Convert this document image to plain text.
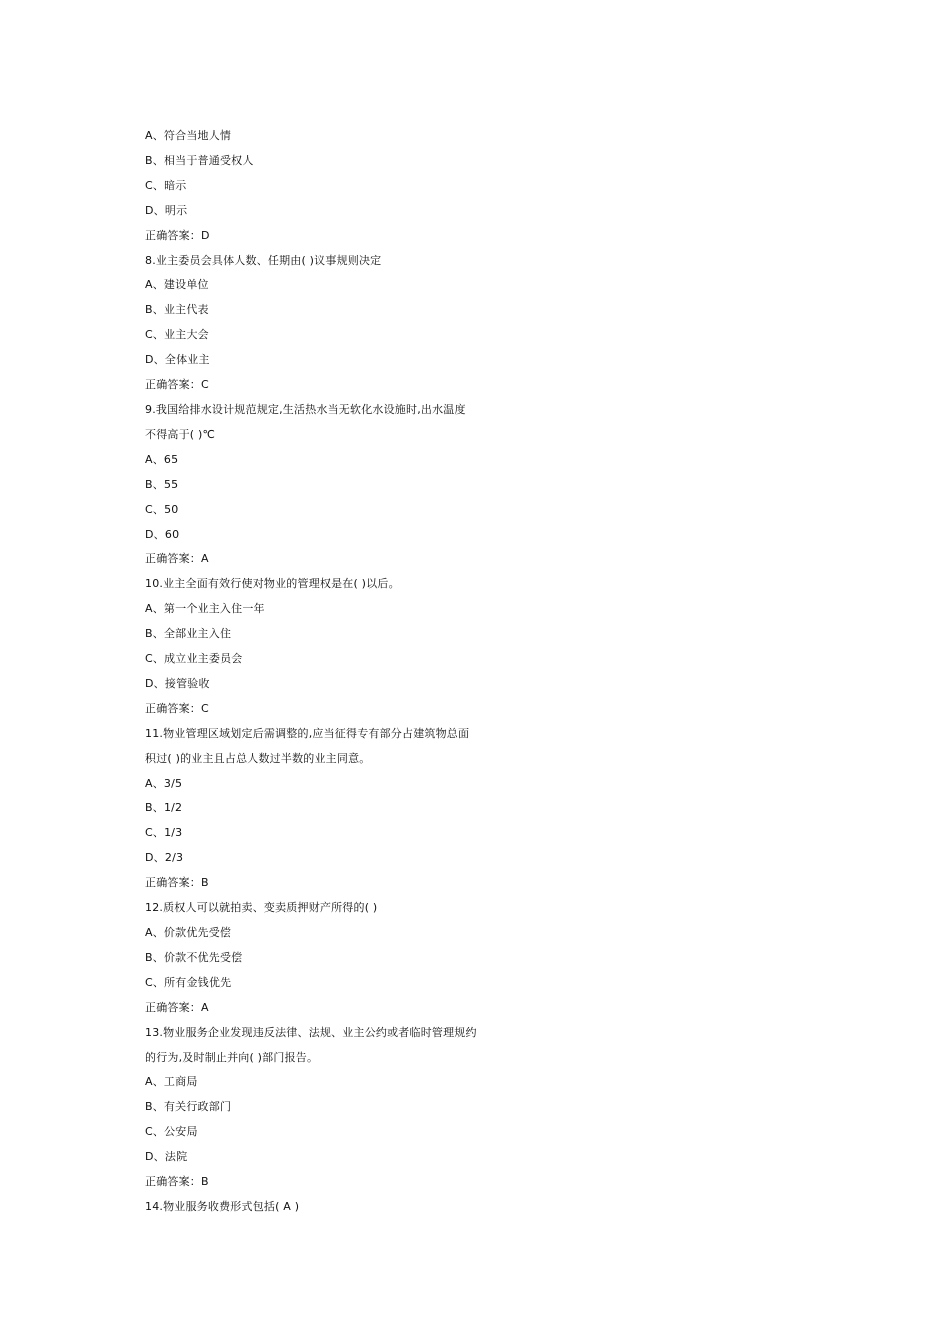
A、符合当地人情
B、相当于普通受权人
C、暗示
D、明示
正确答案：D
8.业主委员会具体人数、任期由( )议事规则决定
A、建设单位
B、业主代表
C、业主大会
D、全体业主
正确答案：C
9.我国给排水设计规范规定,生活热水当无软化水设施时,出水温度
不得高于( )℃
A、65
B、55
C、50
D、60
正确答案：A
10.业主全面有效行使对物业的管理权是在( )以后。
A、第一个业主入住一年
B、全部业主入住
C、成立业主委员会
D、接管验收
正确答案：C
11.物业管理区域划定后需调整的,应当征得专有部分占建筑物总面
积过( )的业主且占总人数过半数的业主同意。
A、3/5
B、1/2
C、1/3
D、2/3
正确答案：B
12.质权人可以就拍卖、变卖质押财产所得的( )
A、价款优先受偿
B、价款不优先受偿
C、所有金钱优先
正确答案：A
13.物业服务企业发现违反法律、法规、业主公约或者临时管理规约
的行为,及时制止并向( )部门报告。
A、工商局
B、有关行政部门
C、公安局
D、法院
正确答案：B
14.物业服务收费形式包括( A )
